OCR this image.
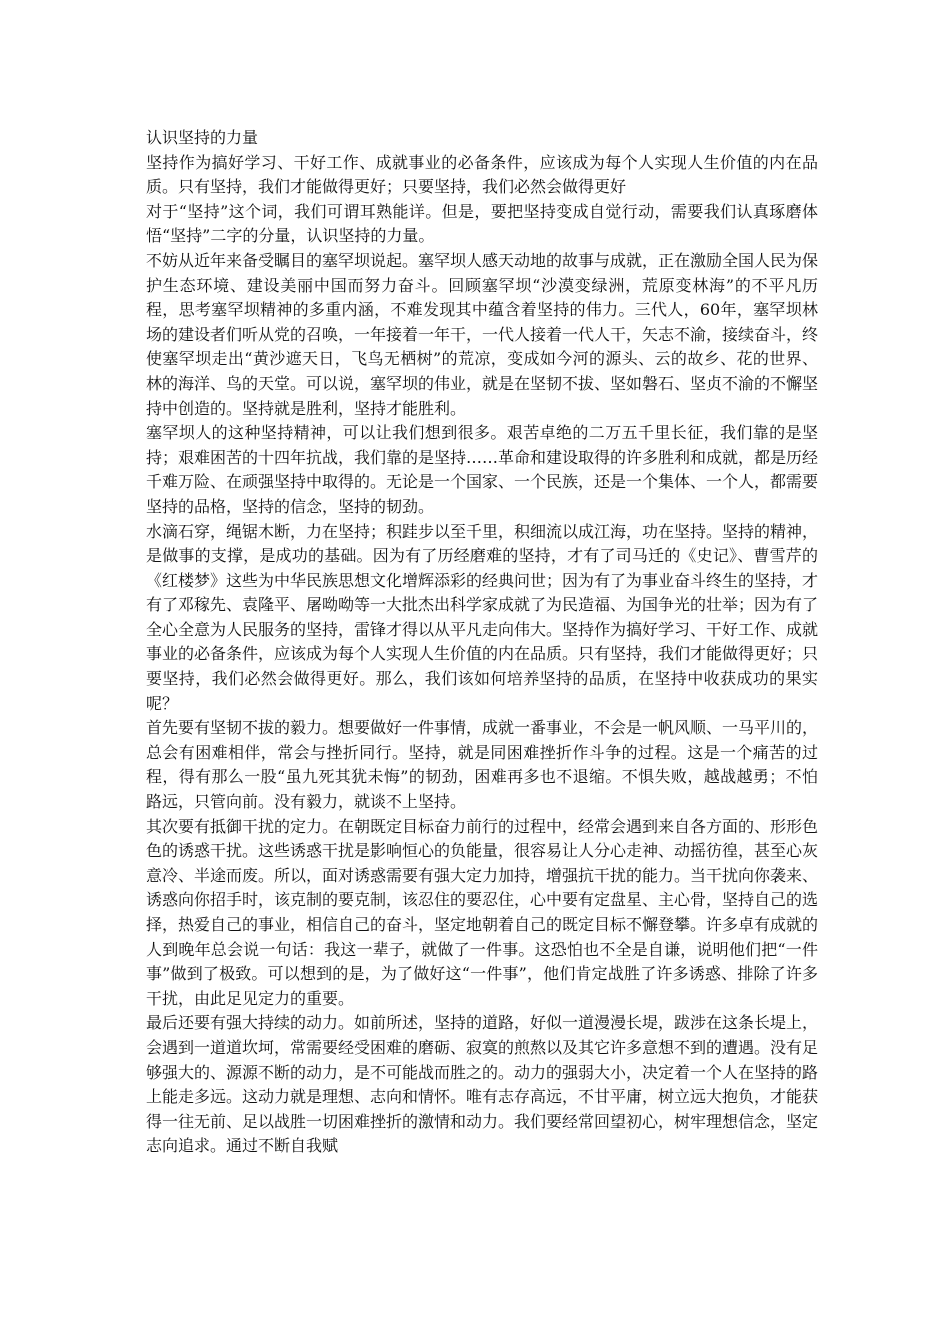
认识坚持的力量

坚持作为搞好学习、干好工作、成就事业的必备条件，应该成为每个人实现人生价值的内在品质。只有坚持，我们才能做得更好；只要坚持，我们必然会做得更好

对于“坚持”这个词，我们可谓耳熟能详。但是，要把坚持变成自觉行动，需要我们认真琢磨体悟“坚持”二字的分量，认识坚持的力量。

不妨从近年来备受瞩目的塞罕坝说起。塞罕坝人感天动地的故事与成就，正在激励全国人民为保护生态环境、建设美丽中国而努力奋斗。回顾塞罕坝“沙漠变绿洲，荒原变林海”的不平凡历程，思考塞罕坝精神的多重内涵，不难发现其中蕴含着坚持的伟力。三代人，60年，塞罕坝林场的建设者们听从党的召唤，一年接着一年干，一代人接着一代人干，矢志不渝，接续奋斗，终使塞罕坝走出“黄沙遮天日，飞鸟无栖树”的荒凉，变成如今河的源头、云的故乡、花的世界、林的海洋、鸟的天堂。可以说，塞罕坝的伟业，就是在坚韧不拔、坚如磐石、坚贞不渝的不懈坚持中创造的。坚持就是胜利，坚持才能胜利。

塞罕坝人的这种坚持精神，可以让我们想到很多。艰苦卓绝的二万五千里长征，我们靠的是坚持；艰难困苦的十四年抗战，我们靠的是坚持……革命和建设取得的许多胜利和成就，都是历经千难万险、在顽强坚持中取得的。无论是一个国家、一个民族，还是一个集体、一个人，都需要坚持的品格，坚持的信念，坚持的韧劲。

水滴石穿，绳锯木断，力在坚持；积跬步以至千里，积细流以成江海，功在坚持。坚持的精神，是做事的支撑，是成功的基础。因为有了历经磨难的坚持，才有了司马迁的《史记》、曹雪芹的《红楼梦》这些为中华民族思想文化增辉添彩的经典问世；因为有了为事业奋斗终生的坚持，才有了邓稼先、袁隆平、屠呦呦等一大批杰出科学家成就了为民造福、为国争光的壮举；因为有了全心全意为人民服务的坚持，雷锋才得以从平凡走向伟大。坚持作为搞好学习、干好工作、成就事业的必备条件，应该成为每个人实现人生价值的内在品质。只有坚持，我们才能做得更好；只要坚持，我们必然会做得更好。那么，我们该如何培养坚持的品质，在坚持中收获成功的果实呢？

首先要有坚韧不拔的毅力。想要做好一件事情，成就一番事业，不会是一帆风顺、一马平川的，总会有困难相伴，常会与挫折同行。坚持，就是同困难挫折作斗争的过程。这是一个痛苦的过程，得有那么一股“虽九死其犹未悔”的韧劲，困难再多也不退缩。不惧失败，越战越勇；不怕路远，只管向前。没有毅力，就谈不上坚持。

其次要有抵御干扰的定力。在朝既定目标奋力前行的过程中，经常会遇到来自各方面的、形形色色的诱惑干扰。这些诱惑干扰是影响恒心的负能量，很容易让人分心走神、动摇彷徨，甚至心灰意冷、半途而废。所以，面对诱惑需要有强大定力加持，增强抗干扰的能力。当干扰向你袭来、诱惑向你招手时，该克制的要克制，该忍住的要忍住，心中要有定盘星、主心骨，坚持自己的选择，热爱自己的事业，相信自己的奋斗，坚定地朝着自己的既定目标不懈登攀。许多卓有成就的人到晚年总会说一句话：我这一辈子，就做了一件事。这恐怕也不全是自谦，说明他们把“一件事”做到了极致。可以想到的是，为了做好这“一件事”，他们肯定战胜了许多诱惑、排除了许多干扰，由此足见定力的重要。

最后还要有强大持续的动力。如前所述，坚持的道路，好似一道漫漫长堤，跋涉在这条长堤上，会遇到一道道坎坷，常需要经受困难的磨砺、寂寞的煎熬以及其它许多意想不到的遭遇。没有足够强大的、源源不断的动力，是不可能战而胜之的。动力的强弱大小，决定着一个人在坚持的路上能走多远。这动力就是理想、志向和情怀。唯有志存高远，不甘平庸，树立远大抱负，才能获得一往无前、足以战胜一切困难挫折的激情和动力。我们要经常回望初心，树牢理想信念，坚定志向追求。通过不断自我赋
